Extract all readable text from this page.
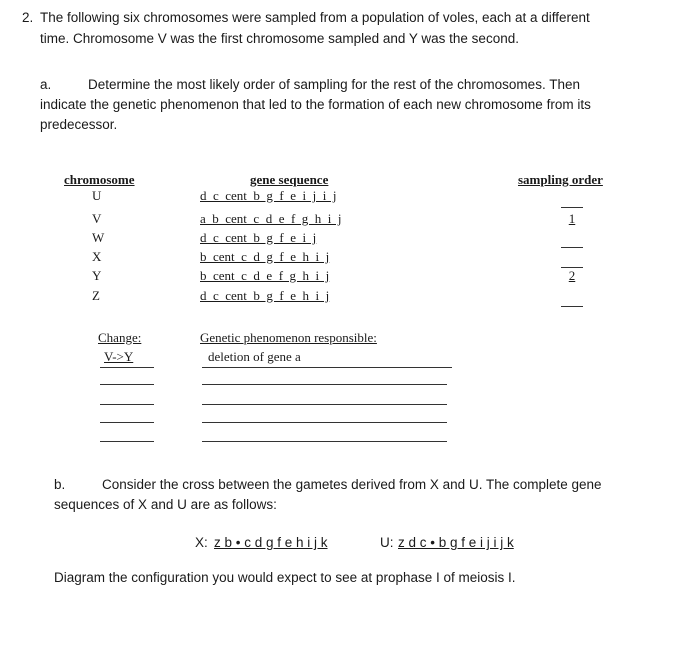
2. The following six chromosomes were sampled from a population of voles, each at a different
time. Chromosome V was the first chromosome sampled and Y was the second.
a.	Determine the most likely order of sampling for the rest of the chromosomes. Then
indicate the genetic phenomenon that led to the formation of each new chromosome from its
predecessor.
chromosome	gene sequence	sampling order
U	d  c  cent  b  g  f  e  i  j  i  j
V	a  b  cent  c  d  e  f  g  h  i  j	1
W	d  c  cent  b  g  f  e  i  j
X	b  cent  c  d  g  f  e  h  i  j
Y	b  cent  c  d  e  f  g  h  i  j	2
Z	d  c  cent  b  g  f  e  h  i  j
Change:	Genetic phenomenon responsible:
V->Y	deletion of gene a
b.	Consider the cross between the gametes derived from X and U. The complete gene
sequences of X and U are as follows:
X: z b • c d g f e h i j k	U: z d c • b g f e i j i j k
Diagram the configuration you would expect to see at prophase I of meiosis I.
